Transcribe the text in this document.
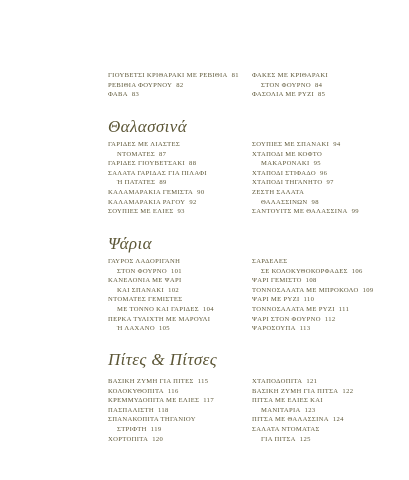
ΓΙΟΥΒΕΤΣΙ ΚΡΙΘΑΡΑΚΙ ΜΕ ΡΕΒΙΘΙΑ 81
ΡΕΒΙΘΙΑ ΦΟΥΡΝΟΥ 82
ΦΑΒΑ 83
ΦΑΚΕΣ ΜΕ ΚΡΙΘΑΡΑΚΙ
ΣΤΟΝ ΦΟΥΡΝΟ 84
ΦΑΣΟΛΙΑ ΜΕ ΡΥΖΙ 85
Θαλασσινά
ΓΑΡΙΔΕΣ ΜΕ ΛΙΑΣΤΕΣ
ΝΤΟΜΑΤΕΣ 87
ΓΑΡΙΔΕΣ ΓΙΟΥΒΕΤΣΑΚΙ 88
ΣΑΛΑΤΑ ΓΑΡΙΔΑΣ ΓΙΑ ΠΙΛΑΦΙ
Ή ΠΑΤΑΤΕΣ 89
ΚΑΛΑΜΑΡΑΚΙΑ ΓΕΜΙΣΤΑ 90
ΚΑΛΑΜΑΡΑΚΙΑ ΡΑΓΟΥ 92
ΣΟΥΠΙΕΣ ΜΕ ΕΛΙΕΣ 93
ΣΟΥΠΙΕΣ ΜΕ ΣΠΑΝΑΚΙ 94
ΧΤΑΠΟΔΙ ΜΕ ΚΟΦΤΟ
ΜΑΚΑΡΟΝΑΚΙ 95
ΧΤΑΠΟΔΙ ΣΤΙΦΑΔΟ 96
ΧΤΑΠΟΔΙ ΤΗΓΑΝΗΤΟ 97
ΖΕΣΤΗ ΣΑΛΑΤΑ
ΘΑΛΑΣΣΙΝΩΝ 98
ΣΑΝΤΟΥΙΤΣ ΜΕ ΘΑΛΑΣΣΙΝΑ 99
Ψάρια
ΓΑΥΡΟΣ ΛΑΔΟΡΙΓΑΝΗ
ΣΤΟΝ ΦΟΥΡΝΟ 101
ΚΑΝΕΛΟΝΙΑ ΜΕ ΨΑΡΙ
ΚΑΙ ΣΠΑΝΑΚΙ 102
ΝΤΟΜΑΤΕΣ ΓΕΜΙΣΤΕΣ
ΜΕ ΤΟΝΝΟ ΚΑΙ ΓΑΡΙΔΕΣ 104
ΠΕΡΚΑ ΤΥΛΙΧΤΗ ΜΕ ΜΑΡΟΥΛΙ
Ή ΛΑΧΑΝΟ 105
ΣΑΡΔΕΛΕΣ
ΣΕ ΚΟΛΟΚΥΘΟΚΟΡΦΑΔΕΣ 106
ΨΑΡΙ ΓΕΜΙΣΤΟ 108
ΤΟΝΝΟΣΑΛΑΤΑ ΜΕ ΜΠΡΟΚΟΛΟ 109
ΨΑΡΙ ΜΕ ΡΥΖΙ 110
ΤΟΝΝΟΣΑΛΑΤΑ ΜΕ ΡΥΖΙ 111
ΨΑΡΙ ΣΤΟΝ ΦΟΥΡΝΟ 112
ΨΑΡΟΣΟΥΠΑ 113
Πίτες & Πίτσες
ΒΑΣΙΚΗ ΖΥΜΗ ΓΙΑ ΠΙΤΕΣ 115
ΚΟΛΟΚΥΘΟΠΙΤΑ 116
ΚΡΕΜΜΥΔΟΠΙΤΑ ΜΕ ΕΛΙΕΣ 117
ΠΑΣΠΑΛΙΣΤΗ 118
ΣΠΑΝΑΚΟΠΙΤΑ ΤΗΓΑΝΙΟΥ
ΣΤΡΙΦΤΗ 119
ΧΟΡΤΟΠΙΤΑ 120
ΧΤΑΠΟΔΟΠΙΤΑ 121
ΒΑΣΙΚΗ ΖΥΜΗ ΓΙΑ ΠΙΤΣΑ 122
ΠΙΤΣΑ ΜΕ ΕΛΙΕΣ ΚΑΙ
ΜΑΝΙΤΑΡΙΑ 123
ΠΙΤΣΑ ΜΕ ΘΑΛΑΣΣΙΝΑ 124
ΣΑΛΑΤΑ ΝΤΟΜΑΤΑΣ
ΓΙΑ ΠΙΤΣΑ 125
